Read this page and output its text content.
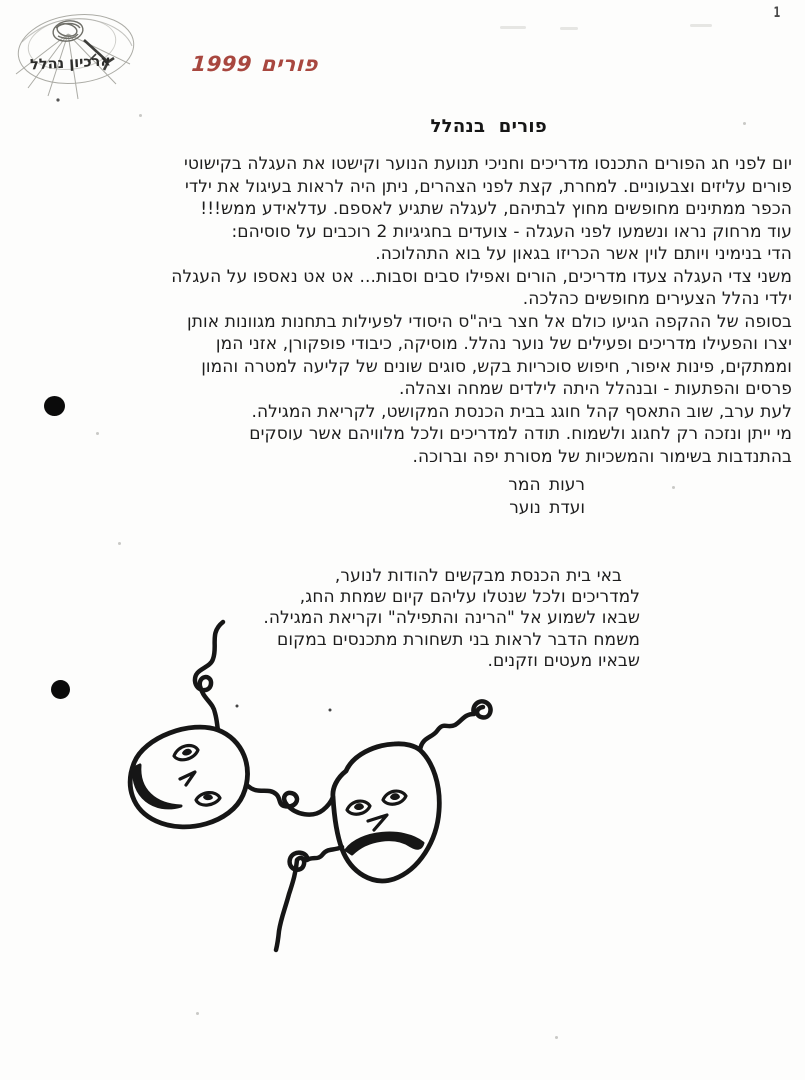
ארכיון נהלל	פורים1999
1
פורים בנהלל
יום לפני חג הפורים התכנסו מדריכים וחניכי תנועת הנוער וקישטו את העגלה בקישוטי
פורים עליזים וצבעוניים. למחרת, קצת לפני הצהרים, ניתן היה לראות בעיגול את ילדי
הכפר ממתינים מחופשים מחוץ לבתיהם, לעגלה שתגיע לאספם. עדלאידע ממש!!!
עוד מרחוק נראו ונשמעו לפני העגלה - צועדים בחגיגיות 2 רוכבים על סוסיהם:
הדי בנימיני ויותם לוין אשר הכריזו בגאון על בוא התהלוכה.
משני צדי העגלה צעדו מדריכים, הורים ואפילו סבים וסבות... אט אט נאספו על העגלה
ילדי נהלל הצעירים מחופשים כהלכה.
בסופה של ההקפה הגיעו כולם אל חצר ביה"ס היסודי לפעילות בתחנות מגוונות אותן
יצרו והפעילו מדריכים ופעילים של נוער נהלל. מוסיקה, כיבודי פופקורן, אזני המן
וממתקים, פינות איפור, חיפוש סוכריות בקש, סוגים שונים של קליעה למטרה והמון
פרסים והפתעות - ובנהלל היתה לילדים שמחה וצהלה.
לעת ערב, שוב התאסף קהל חוגג בבית הכנסת המקושט, לקריאת המגילה.
מי ייתן ונזכה רק לחגוג ולשמוח. תודה למדריכים ולכל מלוויהם אשר עוסקים
בהתנדבות בשימור והמשכיות של מסורת יפה וברוכה.
רעות המר
ועדת נוער
באי בית הכנסת מבקשים להודות לנוער,
למדריכים ולכל שנטלו עליהם קיום שמחת החג,
שבאו לשמוע אל "הרינה והתפילה" וקריאת המגילה.
משמח הדבר לראות בני תשחורת מתכנסים במקום
שבאיו מעטים וזקנים.
